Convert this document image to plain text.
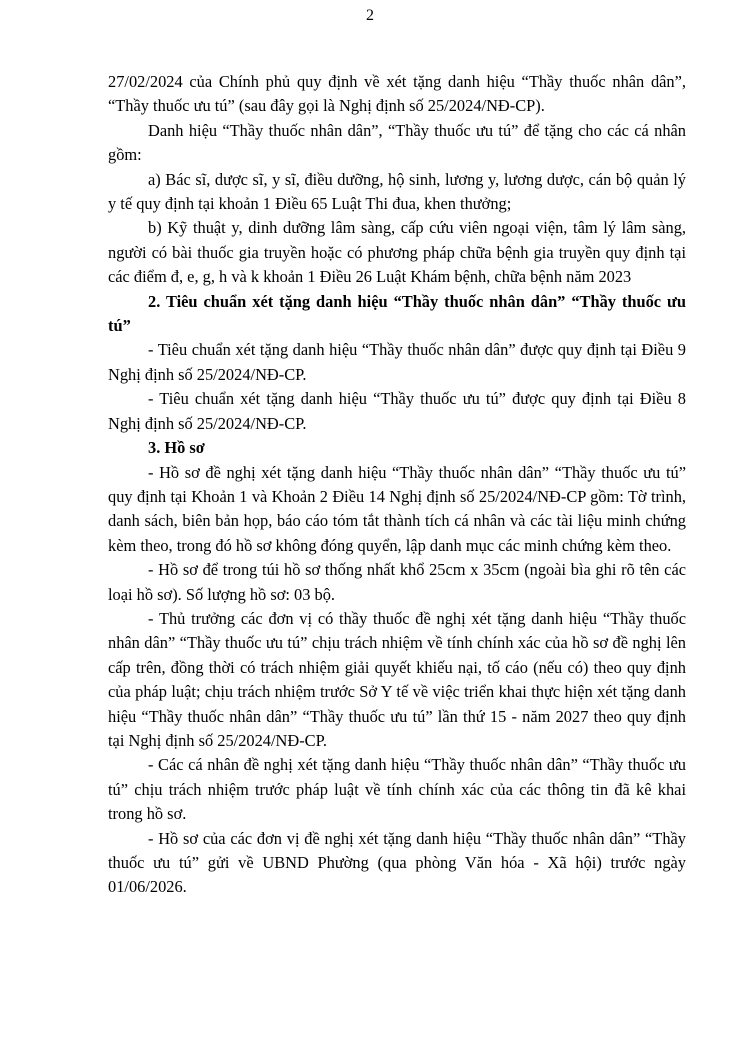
2

27/02/2024 của Chính phủ quy định về xét tặng danh hiệu “Thầy thuốc nhân dân”, “Thầy thuốc ưu tú” (sau đây gọi là Nghị định số 25/2024/NĐ-CP).

Danh hiệu “Thầy thuốc nhân dân”, “Thầy thuốc ưu tú” để tặng cho các cá nhân gồm:

a) Bác sĩ, dược sĩ, y sĩ, điều dưỡng, hộ sinh, lương y, lương dược, cán bộ quản lý y tế quy định tại khoản 1 Điều 65 Luật Thi đua, khen thưởng;

b) Kỹ thuật y, dinh dưỡng lâm sàng, cấp cứu viên ngoại viện, tâm lý lâm sàng, người có bài thuốc gia truyền hoặc có phương pháp chữa bệnh gia truyền quy định tại các điểm đ, e, g, h và k khoản 1 Điều 26 Luật Khám bệnh, chữa bệnh năm 2023

2. Tiêu chuẩn xét tặng danh hiệu “Thầy thuốc nhân dân” “Thầy thuốc ưu tú”

- Tiêu chuẩn xét tặng danh hiệu “Thầy thuốc nhân dân” được quy định tại Điều 9 Nghị định số 25/2024/NĐ-CP.

- Tiêu chuẩn xét tặng danh hiệu “Thầy thuốc ưu tú” được quy định tại Điều 8 Nghị định số 25/2024/NĐ-CP.

3. Hồ sơ

- Hồ sơ đề nghị xét tặng danh hiệu “Thầy thuốc nhân dân” “Thầy thuốc ưu tú” quy định tại Khoản 1 và Khoản 2 Điều 14 Nghị định số 25/2024/NĐ-CP gồm: Tờ trình, danh sách, biên bản họp, báo cáo tóm tắt thành tích cá nhân và các tài liệu minh chứng kèm theo, trong đó hồ sơ không đóng quyển, lập danh mục các minh chứng kèm theo.

- Hồ sơ để trong túi hồ sơ thống nhất khổ 25cm x 35cm (ngoài bìa ghi rõ tên các loại hồ sơ). Số lượng hồ sơ: 03 bộ.

- Thủ trưởng các đơn vị có thầy thuốc đề nghị xét tặng danh hiệu “Thầy thuốc nhân dân” “Thầy thuốc ưu tú” chịu trách nhiệm về tính chính xác của hồ sơ đề nghị lên cấp trên, đồng thời có trách nhiệm giải quyết khiếu nại, tố cáo (nếu có) theo quy định của pháp luật; chịu trách nhiệm trước Sở Y tế về việc triển khai thực hiện xét tặng danh hiệu “Thầy thuốc nhân dân” “Thầy thuốc ưu tú” lần thứ 15 - năm 2027 theo quy định tại Nghị định số 25/2024/NĐ-CP.

- Các cá nhân đề nghị xét tặng danh hiệu “Thầy thuốc nhân dân” “Thầy thuốc ưu tú” chịu trách nhiệm trước pháp luật về tính chính xác của các thông tin đã kê khai trong hồ sơ.

- Hồ sơ của các đơn vị đề nghị xét tặng danh hiệu “Thầy thuốc nhân dân” “Thầy thuốc ưu tú” gửi về UBND Phường (qua phòng Văn hóa - Xã hội) trước ngày 01/06/2026.
